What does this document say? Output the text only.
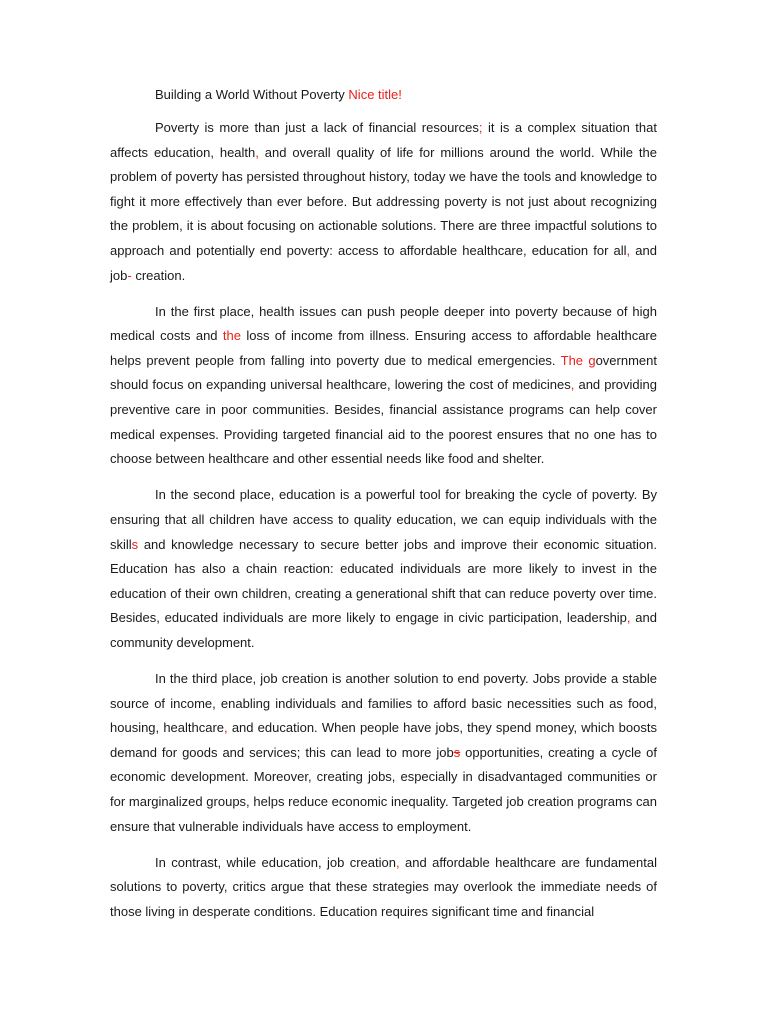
Building a World Without Poverty Nice title!

Poverty is more than just a lack of financial resources; it is a complex situation that affects education, health, and overall quality of life for millions around the world. While the problem of poverty has persisted throughout history, today we have the tools and knowledge to fight it more effectively than ever before. But addressing poverty is not just about recognizing the problem, it is about focusing on actionable solutions. There are three impactful solutions to approach and potentially end poverty: access to affordable healthcare, education for all, and job- creation.

In the first place, health issues can push people deeper into poverty because of high medical costs and the loss of income from illness. Ensuring access to affordable healthcare helps prevent people from falling into poverty due to medical emergencies. The government should focus on expanding universal healthcare, lowering the cost of medicines, and providing preventive care in poor communities. Besides, financial assistance programs can help cover medical expenses. Providing targeted financial aid to the poorest ensures that no one has to choose between healthcare and other essential needs like food and shelter.

In the second place, education is a powerful tool for breaking the cycle of poverty. By ensuring that all children have access to quality education, we can equip individuals with the skills and knowledge necessary to secure better jobs and improve their economic situation. Education has also a chain reaction: educated individuals are more likely to invest in the education of their own children, creating a generational shift that can reduce poverty over time. Besides, educated individuals are more likely to engage in civic participation, leadership, and community development.

In the third place, job creation is another solution to end poverty. Jobs provide a stable source of income, enabling individuals and families to afford basic necessities such as food, housing, healthcare, and education. When people have jobs, they spend money, which boosts demand for goods and services; this can lead to more jobs opportunities, creating a cycle of economic development. Moreover, creating jobs, especially in disadvantaged communities or for marginalized groups, helps reduce economic inequality. Targeted job creation programs can ensure that vulnerable individuals have access to employment.

In contrast, while education, job creation, and affordable healthcare are fundamental solutions to poverty, critics argue that these strategies may overlook the immediate needs of those living in desperate conditions. Education requires significant time and financial
